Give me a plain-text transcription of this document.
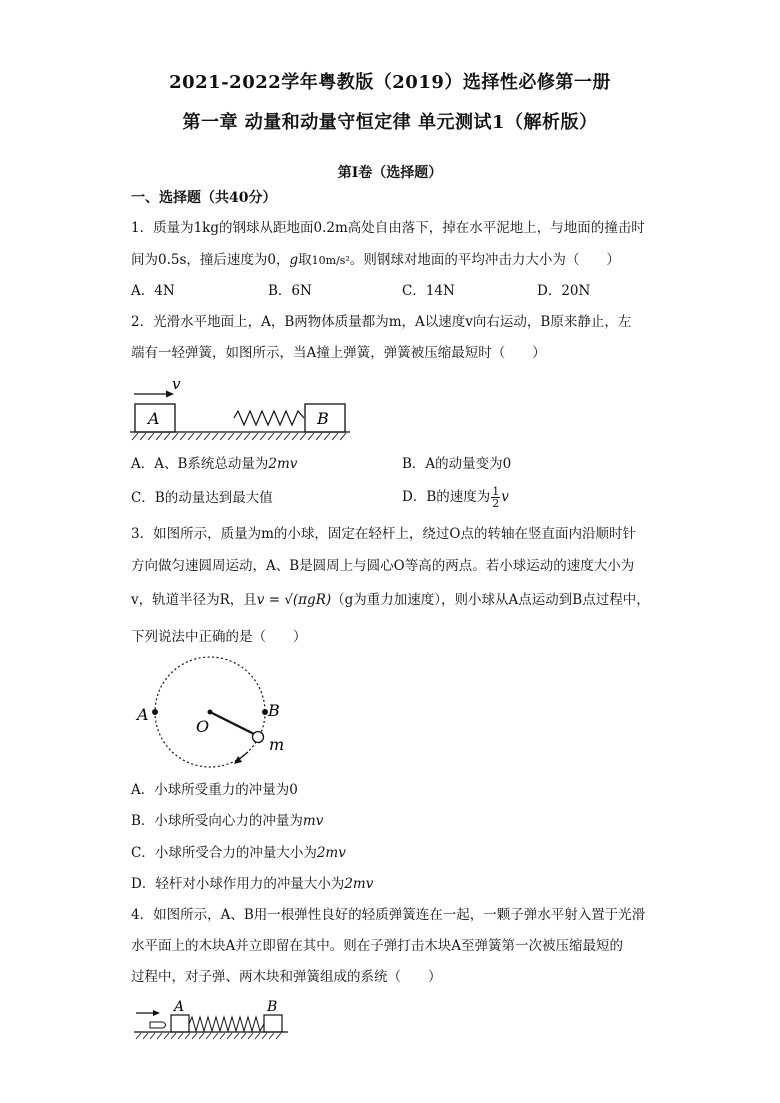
2021-2022学年粤教版（2019）选择性必修第一册
第一章 动量和动量守恒定律 单元测试1（解析版）
第Ⅰ卷（选择题）
一、选择题（共40分）
1．质量为1kg的钢球从距地面0.2m高处自由落下，掉在水平泥地上，与地面的撞击时
间为0.5s，撞后速度为0，g取10m/s²。则钢球对地面的平均冲击力大小为（　　）
A．4N	B．6N	C．14N	D．20N
2．光滑水平地面上，A，B两物体质量都为m，A以速度v向右运动，B原来静止，左
端有一轻弹簧，如图所示，当A撞上弹簧，弹簧被压缩最短时（　　）
v
A	B
A．A、B系统总动量为2mv	B．A的动量变为0
C．B的动量达到最大值	D．B的速度为 $\frac{1}{2}$ v
3．如图所示，质量为m的小球，固定在轻杆上，绕过O点的转轴在竖直面内沿顺时针
方向做匀速圆周运动，A、B是圆周上与圆心O等高的两点。若小球运动的速度大小为
v，轨道半径为R，且v = √(πgR)（g为重力加速度），则小球从A点运动到B点过程中，
下列说法中正确的是（　　）
A	B
O
m
A．小球所受重力的冲量为0
B．小球所受向心力的冲量为mv
C．小球所受合力的冲量大小为2mv
D．轻杆对小球作用力的冲量大小为2mv
4．如图所示，A、B用一根弹性良好的轻质弹簧连在一起，一颗子弹水平射入置于光滑
水平面上的木块A并立即留在其中。则在子弹打击木块A至弹簧第一次被压缩最短的
过程中，对子弹、两木块和弹簧组成的系统（　　）
A	B
